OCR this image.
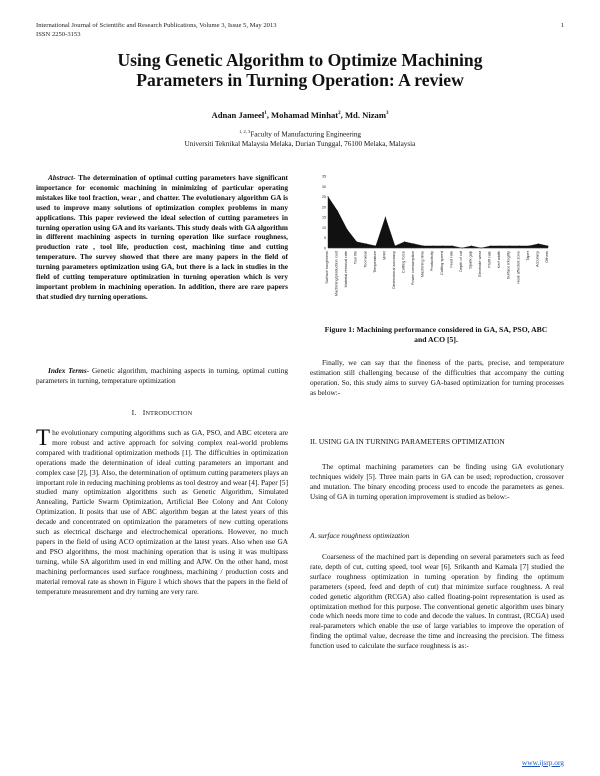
International Journal of Scientific and Research Publications, Volume 3, Issue 5, May 2013
ISSN 2250-3153
1
Using Genetic Algorithm to Optimize Machining
Parameters in Turning Operation: A review
Adnan Jameel$^1$, Mohamad Minhat$^2$, Md. Nizam$^3$
$^{1, 2, 3}$Faculty of Manufacturing Engineering
Universiti Teknikal Malaysia Melaka, Durian Tunggal, 76100 Melaka, Malaysia

Abstract- The determination of optimal cutting parameters have significant importance for economic machining in minimizing of particular operating mistakes like tool fraction, wear , and chatter. The evolutionary algorithm GA is used to improve many solutions of optimization complex problems in many applications. This paper reviewed the ideal selection of cutting parameters in turning operation using GA and its variants. This study deals with GA algorithm in different machining aspects in turning operation like surface roughness, production rate , tool life, production cost, machining time and cutting temperature. The survey showed that there are many papers in the field of turning parameters optimization using GA, but there is a lack in studies in the field of cutting temperature optimization in turning operation which is very important problem in machining operation. In addition, there are rare papers that studied dry turning operations.

Index Terms- Genetic algorithm, machining aspects in turning, optimal cutting parameters in turning, temperature optimization

I. INTRODUCTION

The evolutionary computing algorithms such as GA, PSO, and ABC etcetera are more robust and active approach for solving complex real-world problems compared with traditional optimization methods [1]. The difficulties in optimization operations made the determination of ideal cutting parameters an important and complex case [2], [3]. Also, the determination of optimum cutting parameters plays an important role in reducing machining problems as tool destroy and wear [4]. Paper [5] studied many optimization algorithms such as Genetic Algorithm, Simulated Annealing, Particle Swarm Optimization, Artificial Bee Colony and Ant Colony Optimization. It posits that use of ABC algorithm began at the latest years of this decade and concentrated on optimization the parameters of new cutting operations such as electrical discharge and electrochemical operations. However, no much papers in the field of using ACO optimization at the latest years. Also when use GA and PSO algorithms, the most machining operation that is using it was multipass turning, while SA algorithm used in end milling and AJW. On the other hand, most machining performances used surface roughness, machining / production costs and material removal rate as shown in Figure 1 which shows that the papers in the field of temperature measurement and dry turning are very rare.

0
5
10
15
20
25
30
35
Surface roughness Machining/production cost Material removal rate Tool life Tool wear Temperature MRR Dimensional accuracy Cutting force Power consumption Machining time Productivity Cutting speed Feed rate Depth of cut Spark gap Electrode wear Profit rate Kerf width Surface integrity Heat affected zone Taper Accuracy Others
Figure 1: Machining performance considered in GA, SA, PSO, ABC and ACO [5].

Finally, we can say that the fineness of the parts, precise, and temperature estimation still challenging because of the difficulties that accompany the cutting operation. So, this study aims to survey GA-based optimization for turning processes as below:-

II. USING GA IN TURNING PARAMETERS OPTIMIZATION

The optimal machining parameters can be finding using GA evolutionary techniques widely [5]. Three main parts in GA can be used; reproduction, crossover and mutation. The binary encoding process used to encode the parameters as genes. Using of GA in turning operation improvement is studied as below:-

A. surface roughness optimization

Coarseness of the machined part is depending on several parameters such as feed rate, depth of cut, cutting speed, tool wear [6]. Srikanth and Kamala [7] studied the surface roughness optimization in turning operation by finding the optimum parameters (speed, feed and depth of cut) that minimize surface roughness. A real coded genetic algorithm (RCGA) also called floating-point representation is used as optimization method for this purpose. The conventional genetic algorithm uses binary code which needs more time to code and decode the values. In contrast, (RCGA) used real-parameters which enable the use of large variables to improve the operation of finding the optimal value, decrease the time and increasing the precision. The fitness function used to calculate the surface roughness is as:-

www.ijsrp.org
